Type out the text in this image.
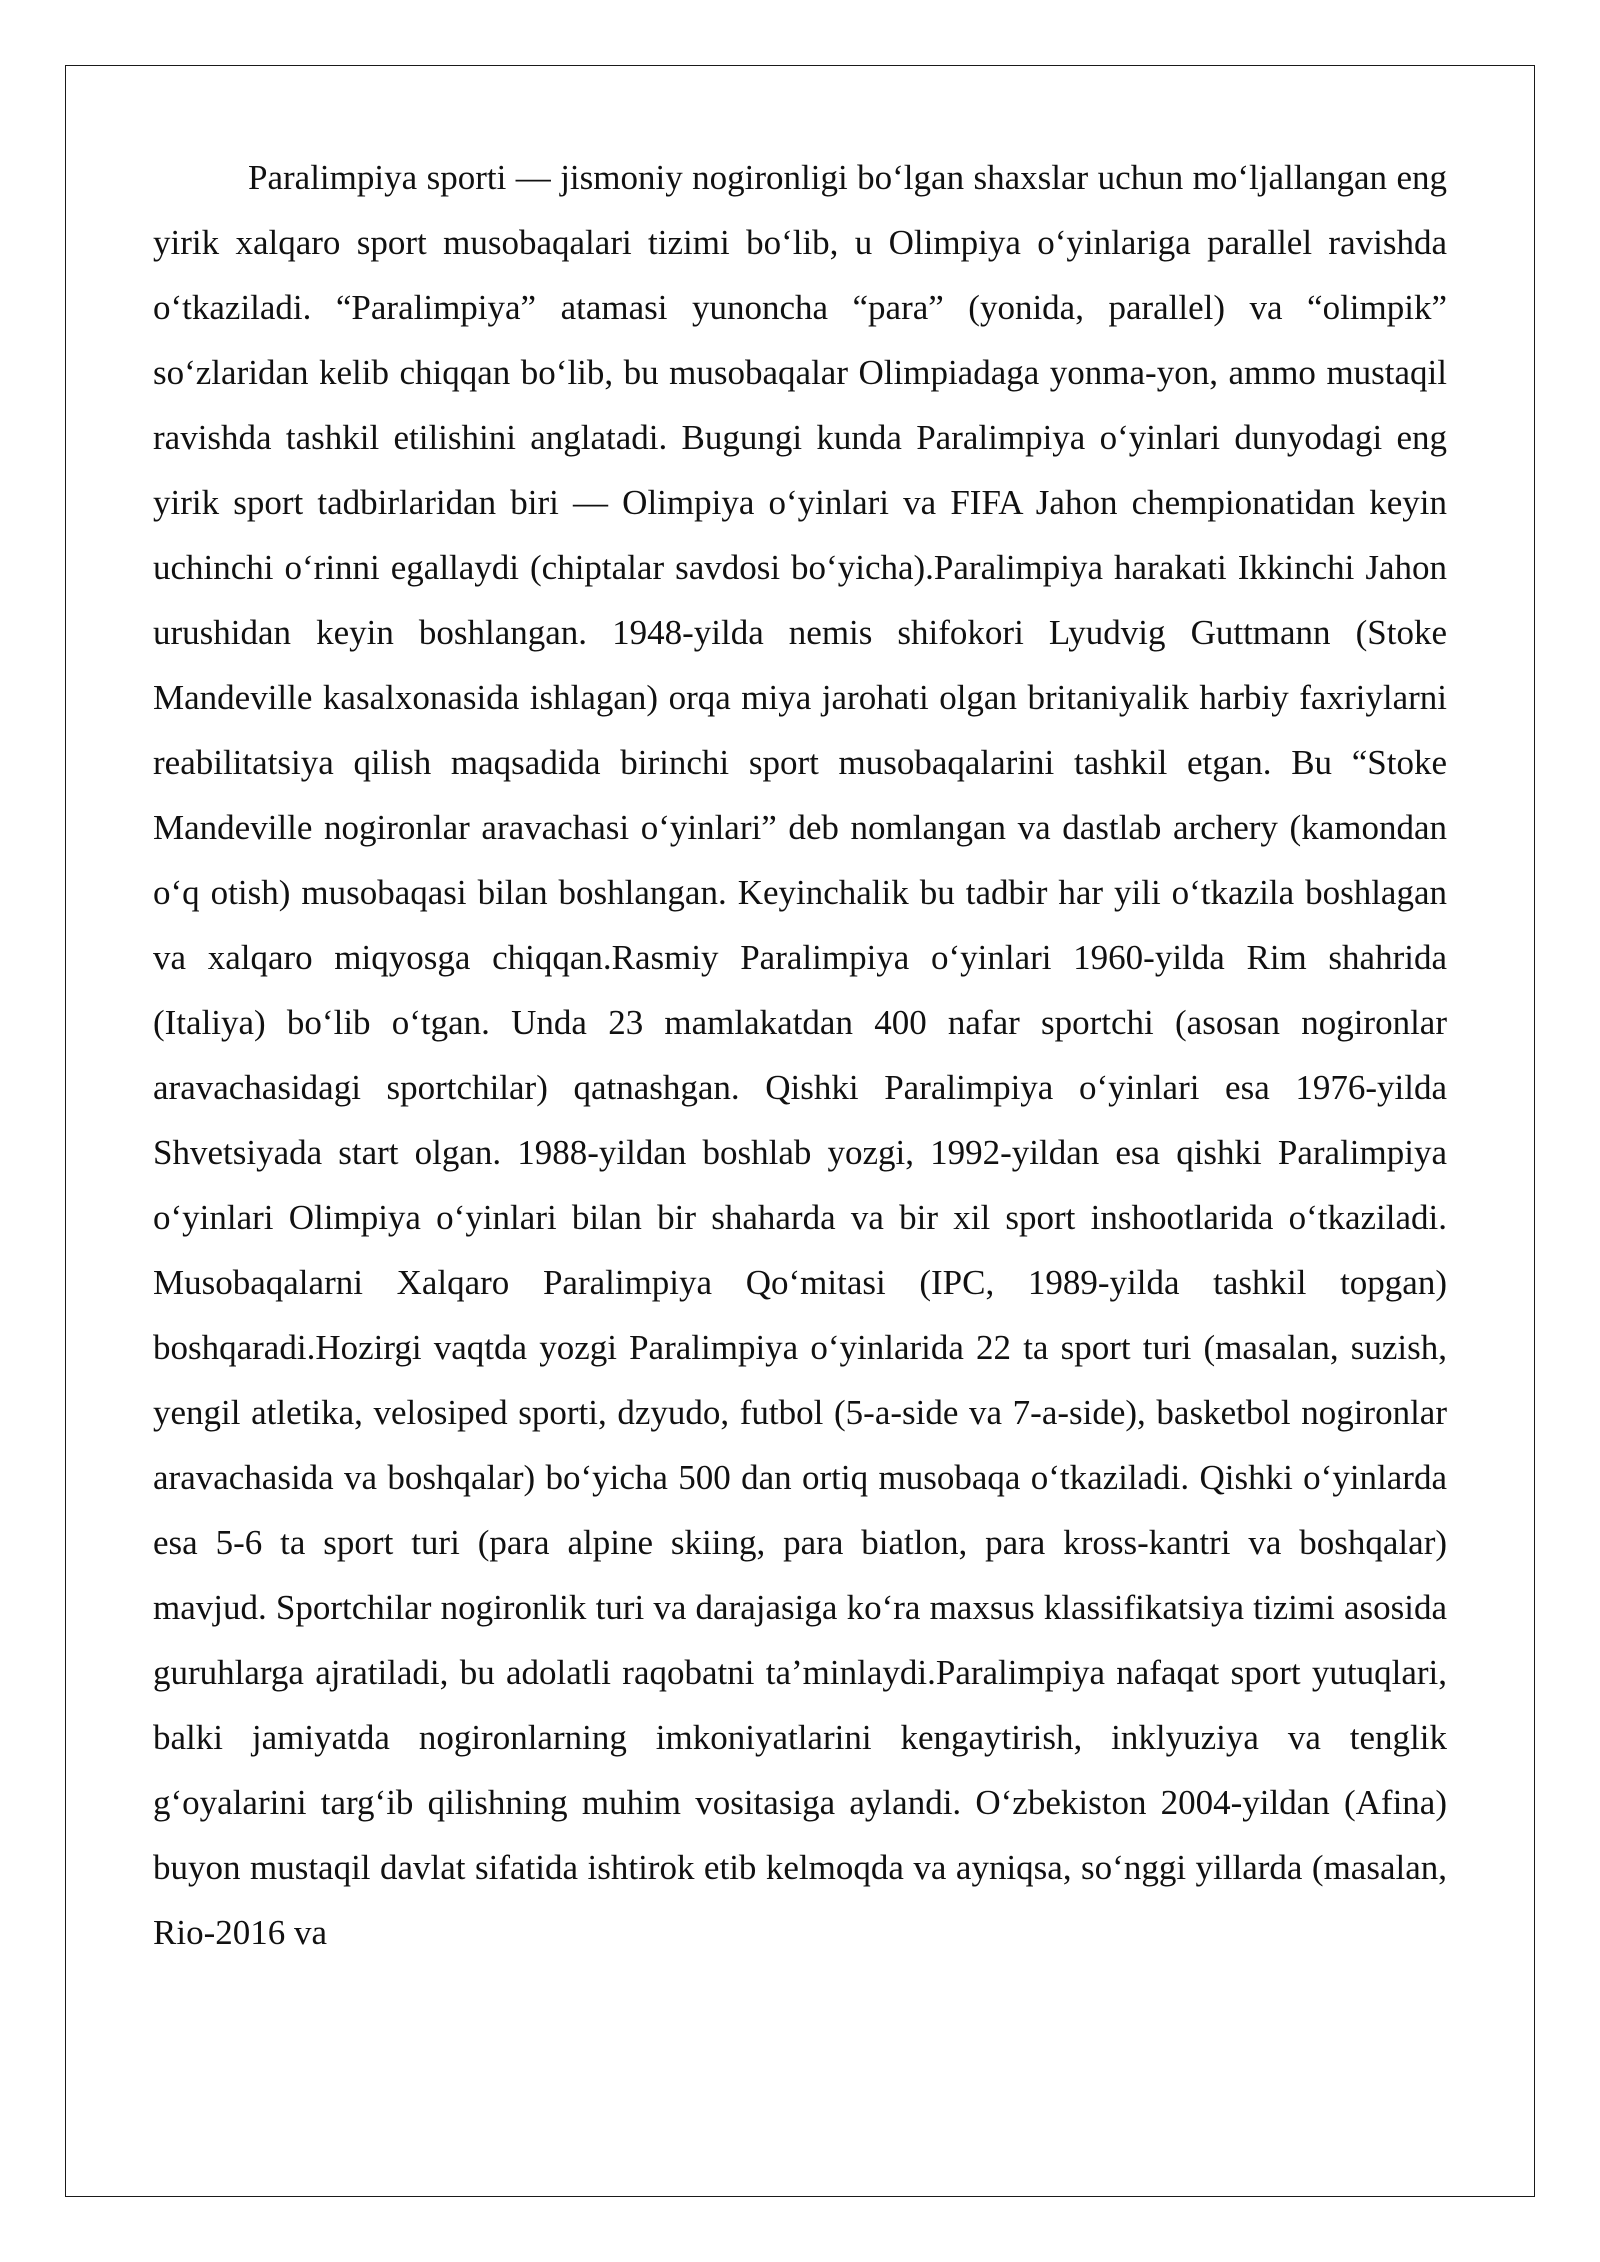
Paralimpiya sporti — jismoniy nogironligi boʻlgan shaxslar uchun moʻljallangan eng yirik xalqaro sport musobaqalari tizimi boʻlib, u Olimpiya oʻyinlariga parallel ravishda oʻtkaziladi. “Paralimpiya” atamasi yunoncha “para” (yonida, parallel) va “olimpik” soʻzlaridan kelib chiqqan boʻlib, bu musobaqalar Olimpiadaga yonma-yon, ammo mustaqil ravishda tashkil etilishini anglatadi. Bugungi kunda Paralimpiya oʻyinlari dunyodagi eng yirik sport tadbirlaridan biri — Olimpiya oʻyinlari va FIFA Jahon chempionatidan keyin uchinchi oʻrinni egallaydi (chiptalar savdosi boʻyicha).Paralimpiya harakati Ikkinchi Jahon urushidan keyin boshlangan. 1948-yilda nemis shifokori Lyudvig Guttmann (Stoke Mandeville kasalxonasida ishlagan) orqa miya jarohati olgan britaniyalik harbiy faxriylarni reabilitatsiya qilish maqsadida birinchi sport musobaqalarini tashkil etgan. Bu “Stoke Mandeville nogironlar aravachasi oʻyinlari” deb nomlangan va dastlab archery (kamondan oʻq otish) musobaqasi bilan boshlangan. Keyinchalik bu tadbir har yili oʻtkazila boshlagan va xalqaro miqyosga chiqqan.Rasmiy Paralimpiya oʻyinlari 1960-yilda Rim shahrida (Italiya) boʻlib oʻtgan. Unda 23 mamlakatdan 400 nafar sportchi (asosan nogironlar aravachasidagi sportchilar) qatnashgan. Qishki Paralimpiya oʻyinlari esa 1976-yilda Shvetsiyada start olgan. 1988-yildan boshlab yozgi, 1992-yildan esa qishki Paralimpiya oʻyinlari Olimpiya oʻyinlari bilan bir shaharda va bir xil sport inshootlarida oʻtkaziladi. Musobaqalarni Xalqaro Paralimpiya Qoʻmitasi (IPC, 1989-yilda tashkil topgan) boshqaradi.Hozirgi vaqtda yozgi Paralimpiya oʻyinlarida 22 ta sport turi (masalan, suzish, yengil atletika, velosiped sporti, dzyudo, futbol (5-a-side va 7-a-side), basketbol nogironlar aravachasida va boshqalar) boʻyicha 500 dan ortiq musobaqa oʻtkaziladi. Qishki oʻyinlarda esa 5-6 ta sport turi (para alpine skiing, para biatlon, para kross-kantri va boshqalar) mavjud. Sportchilar nogironlik turi va darajasiga koʻra maxsus klassifikatsiya tizimi asosida guruhlarga ajratiladi, bu adolatli raqobatni taʼminlaydi.Paralimpiya nafaqat sport yutuqlari, balki jamiyatda nogironlarning imkoniyatlarini kengaytirish, inklyuziya va tenglik gʻoyalarini targʻib qilishning muhim vositasiga aylandi. Oʻzbekiston 2004-yildan (Afina) buyon mustaqil davlat sifatida ishtirok etib kelmoqda va ayniqsa, soʻnggi yillarda (masalan, Rio-2016 va
